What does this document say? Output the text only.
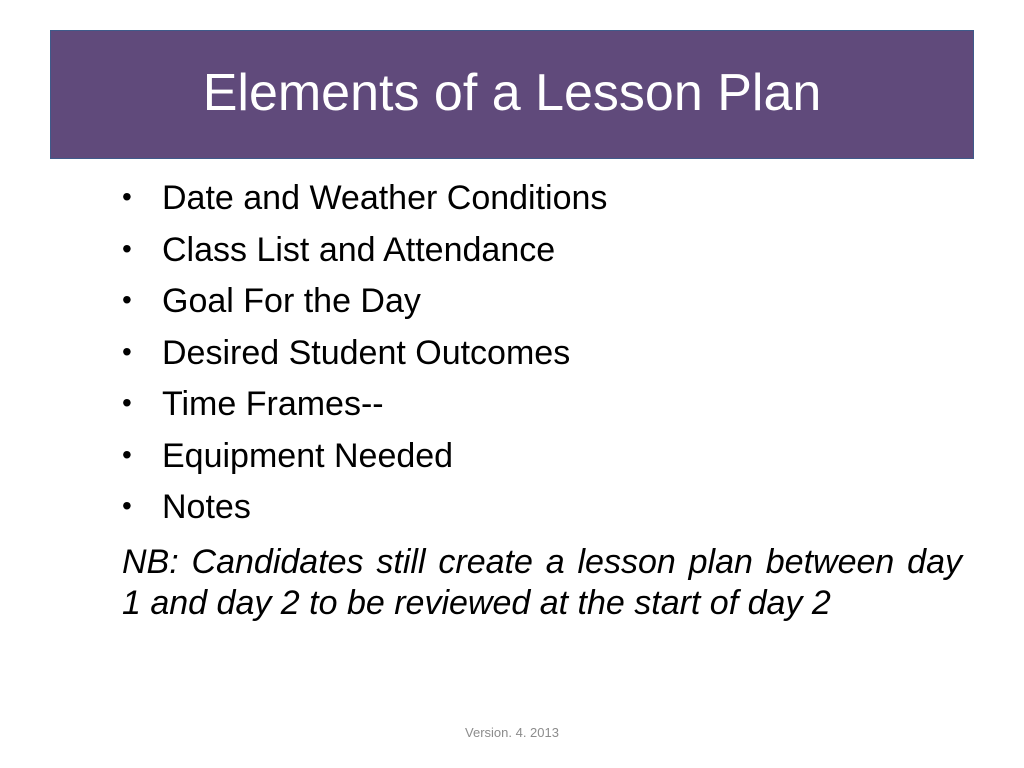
Elements of a Lesson Plan
• Date and Weather Conditions
• Class List and Attendance
• Goal For the Day
• Desired Student Outcomes
• Time Frames--
• Equipment Needed
• Notes

NB: Candidates still create a lesson plan between day 1 and day 2 to be reviewed at the start of day 2

Version. 4. 2013
